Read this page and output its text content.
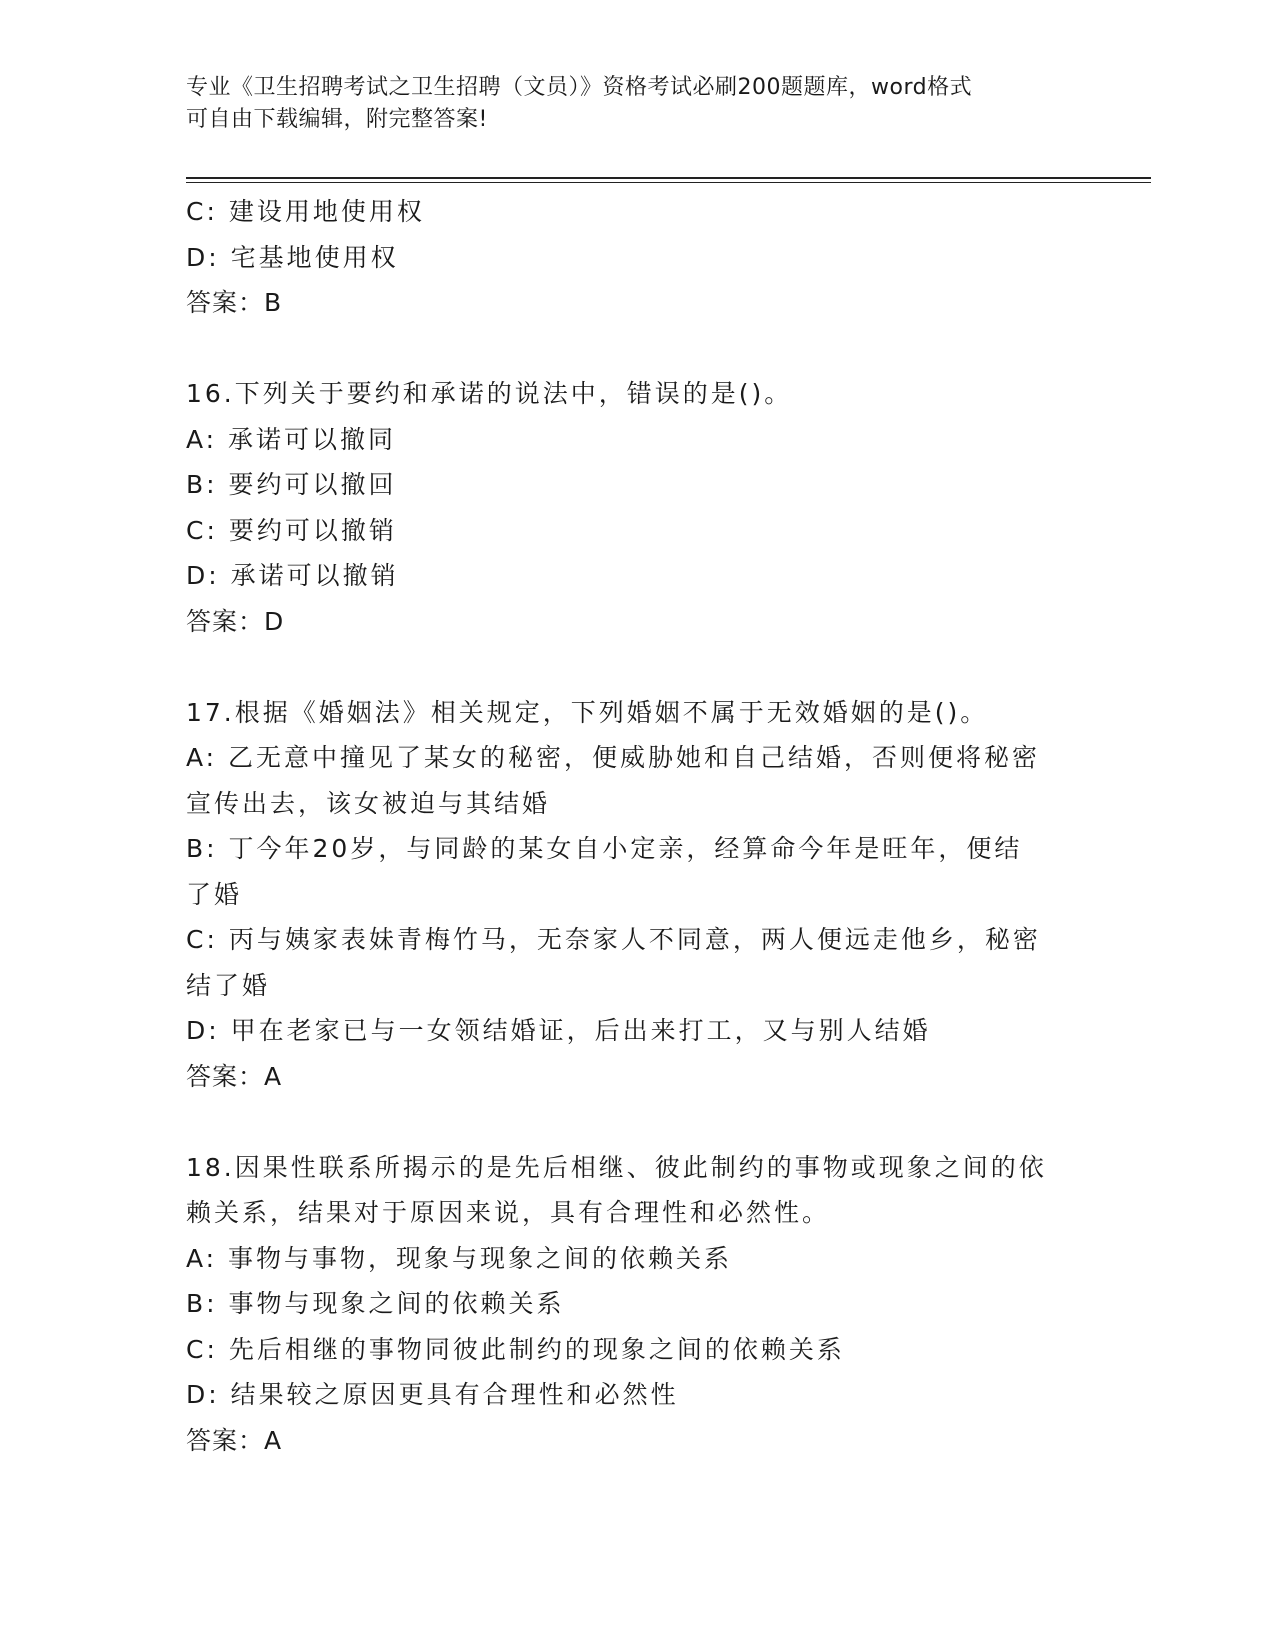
专业《卫生招聘考试之卫生招聘（文员）》资格考试必刷200题题库，word格式
可自由下载编辑，附完整答案!
C: 建设用地使用权
D: 宅基地使用权
答案：B
16.下列关于要约和承诺的说法中，错误的是()。
A: 承诺可以撤同
B: 要约可以撤回
C: 要约可以撤销
D: 承诺可以撤销
答案：D
17.根据《婚姻法》相关规定，下列婚姻不属于无效婚姻的是()。
A: 乙无意中撞见了某女的秘密，便威胁她和自己结婚，否则便将秘密
宣传出去，该女被迫与其结婚
B: 丁今年20岁，与同龄的某女自小定亲，经算命今年是旺年，便结
了婚
C: 丙与姨家表妹青梅竹马，无奈家人不同意，两人便远走他乡，秘密
结了婚
D: 甲在老家已与一女领结婚证，后出来打工，又与别人结婚
答案：A
18.因果性联系所揭示的是先后相继、彼此制约的事物或现象之间的依
赖关系，结果对于原因来说，具有合理性和必然性。
A: 事物与事物，现象与现象之间的依赖关系
B: 事物与现象之间的依赖关系
C: 先后相继的事物同彼此制约的现象之间的依赖关系
D: 结果较之原因更具有合理性和必然性
答案：A
